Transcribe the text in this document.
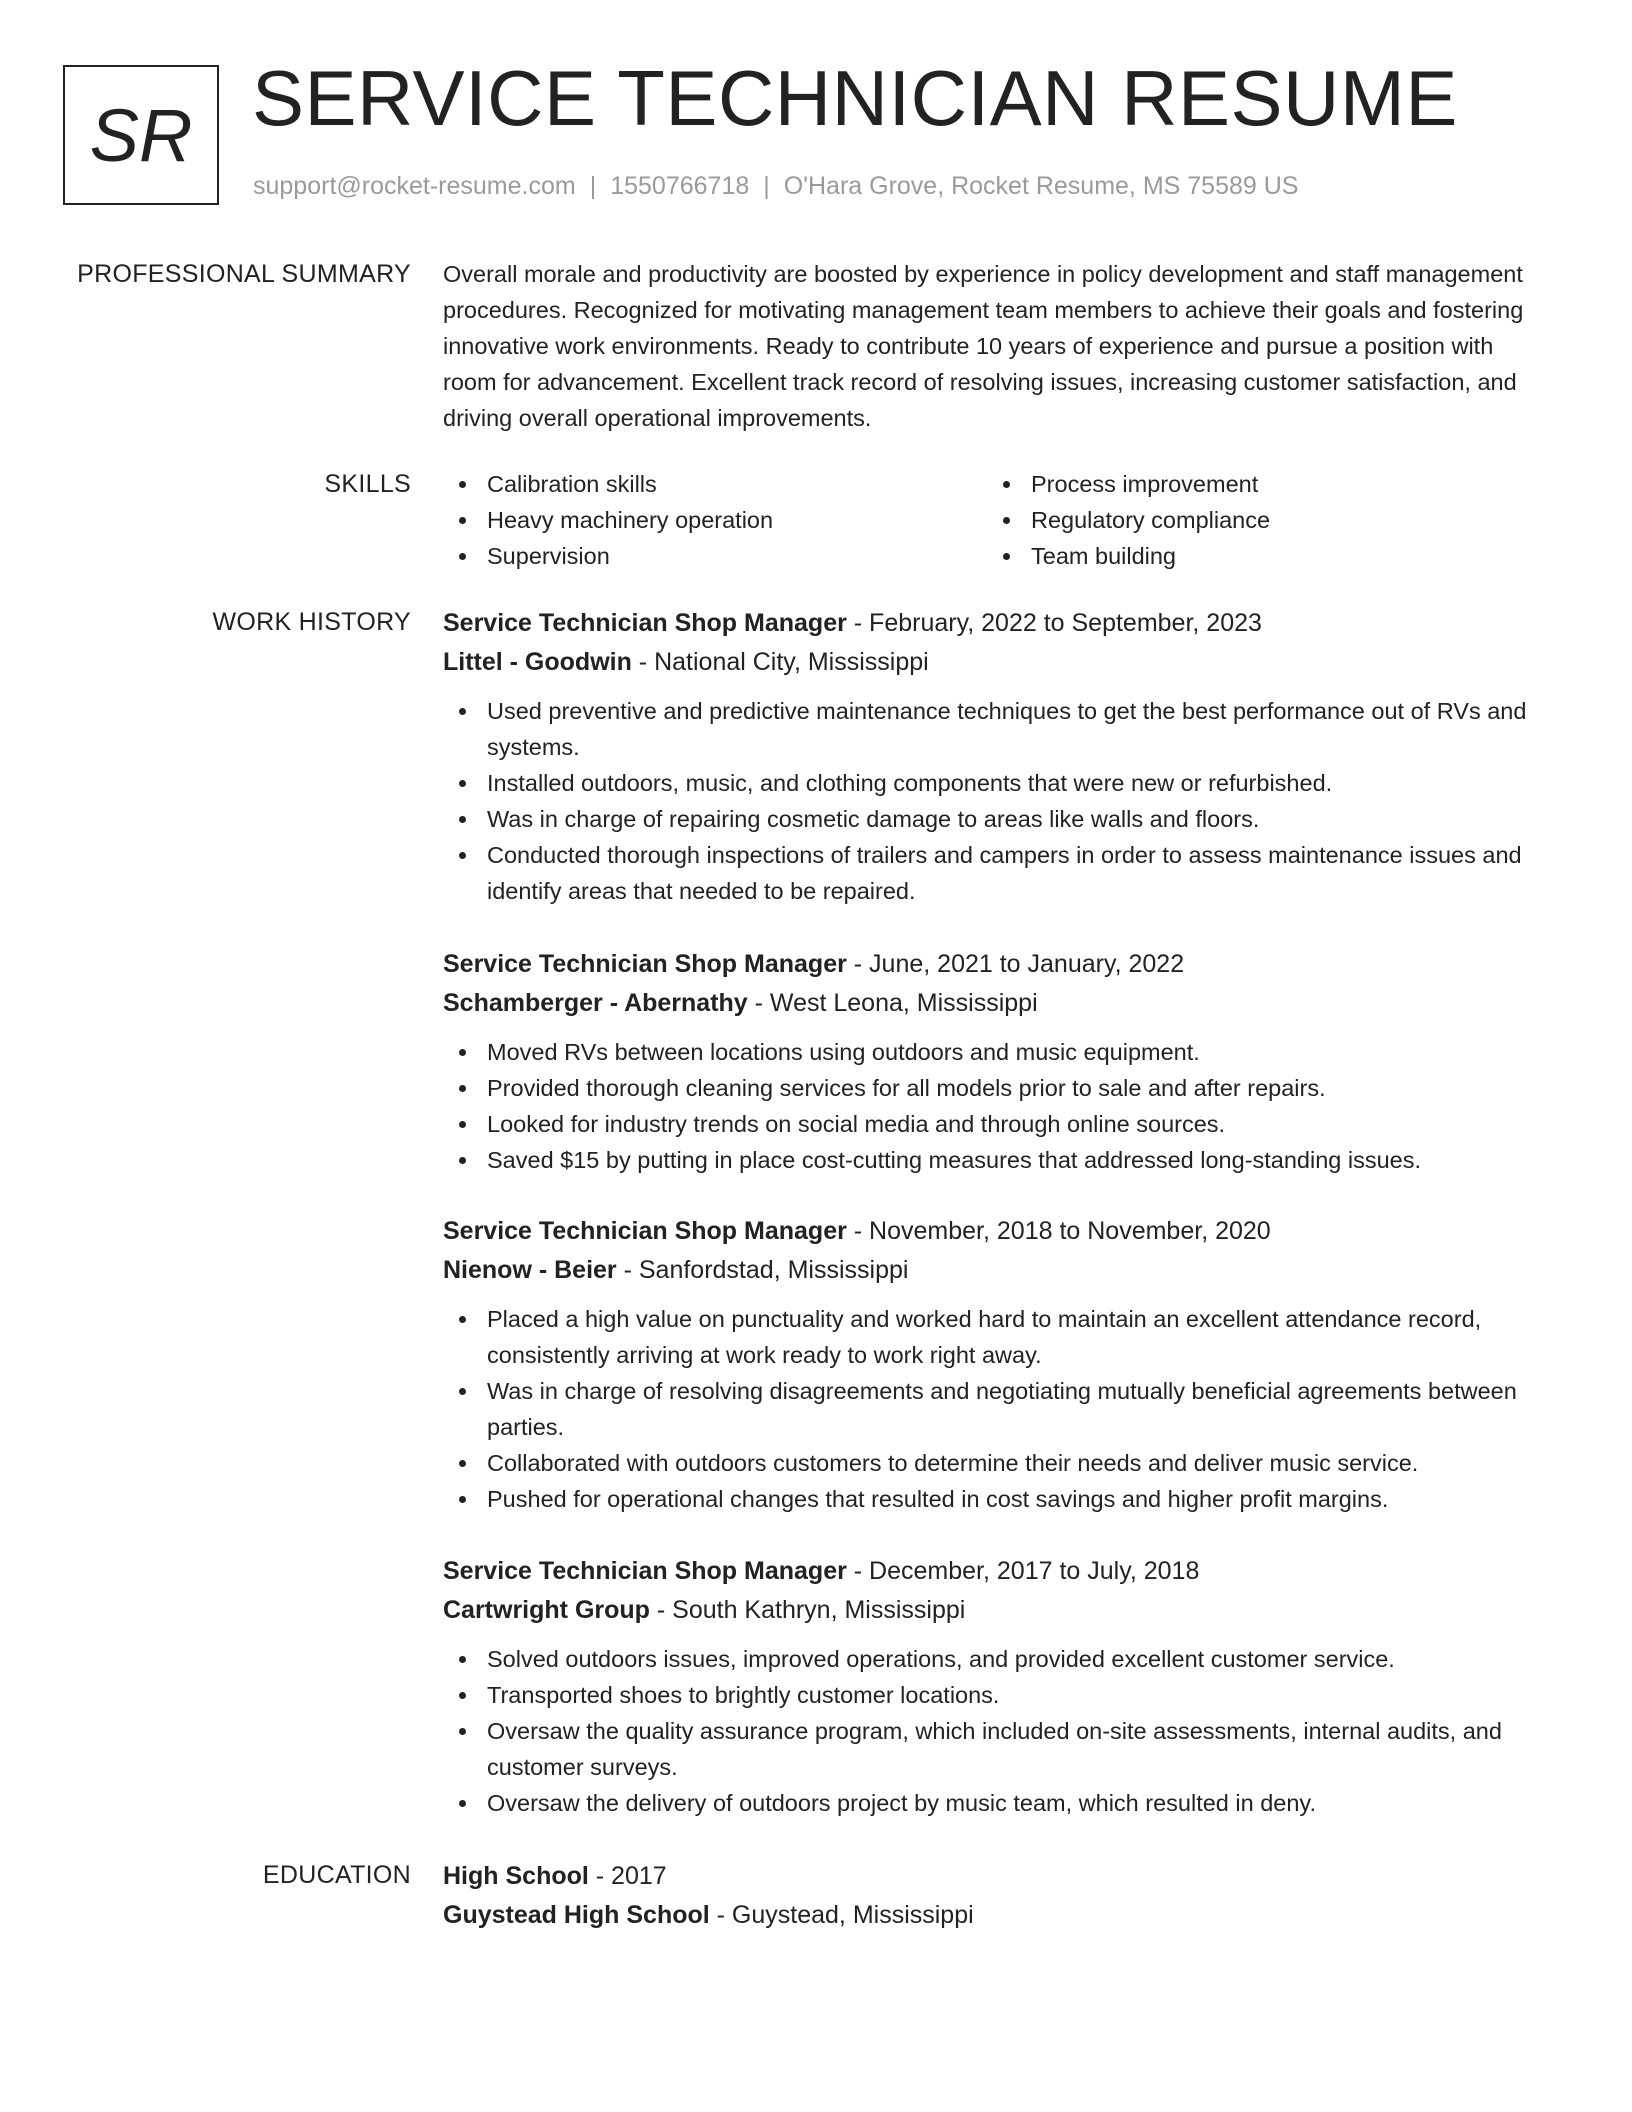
SR SERVICE TECHNICIAN RESUME
support@rocket-resume.com | 1550766718 | O'Hara Grove, Rocket Resume, MS 75589 US
PROFESSIONAL SUMMARY Overall morale and productivity are boosted by experience in policy development and staff management procedures. Recognized for motivating management team members to achieve their goals and fostering innovative work environments. Ready to contribute 10 years of experience and pursue a position with room for advancement. Excellent track record of resolving issues, increasing customer satisfaction, and driving overall operational improvements.

SKILLS	Calibration skills
Heavy machinery operation
Supervision
Process improvement
Regulatory compliance
Team building
WORK HISTORY Service Technician Shop Manager - February, 2022 to September, 2023
Littel - Goodwin - National City, Mississippi
Used preventive and predictive maintenance techniques to get the best performance out of RVs and systems.
Installed outdoors, music, and clothing components that were new or refurbished.
Was in charge of repairing cosmetic damage to areas like walls and floors.
Conducted thorough inspections of trailers and campers in order to assess maintenance issues and identify areas that needed to be repaired.
Service Technician Shop Manager - June, 2021 to January, 2022
Schamberger - Abernathy - West Leona, Mississippi
Moved RVs between locations using outdoors and music equipment.
Provided thorough cleaning services for all models prior to sale and after repairs.
Looked for industry trends on social media and through online sources.
Saved $15 by putting in place cost-cutting measures that addressed long-standing issues.
Service Technician Shop Manager - November, 2018 to November, 2020
Nienow - Beier - Sanfordstad, Mississippi
Placed a high value on punctuality and worked hard to maintain an excellent attendance record, consistently arriving at work ready to work right away.
Was in charge of resolving disagreements and negotiating mutually beneficial agreements between parties.
Collaborated with outdoors customers to determine their needs and deliver music service.
Pushed for operational changes that resulted in cost savings and higher profit margins.
Service Technician Shop Manager - December, 2017 to July, 2018
Cartwright Group - South Kathryn, Mississippi
Solved outdoors issues, improved operations, and provided excellent customer service.
Transported shoes to brightly customer locations.
Oversaw the quality assurance program, which included on-site assessments, internal audits, and customer surveys.
Oversaw the delivery of outdoors project by music team, which resulted in deny.
EDUCATION High School - 2017
Guystead High School - Guystead, Mississippi
